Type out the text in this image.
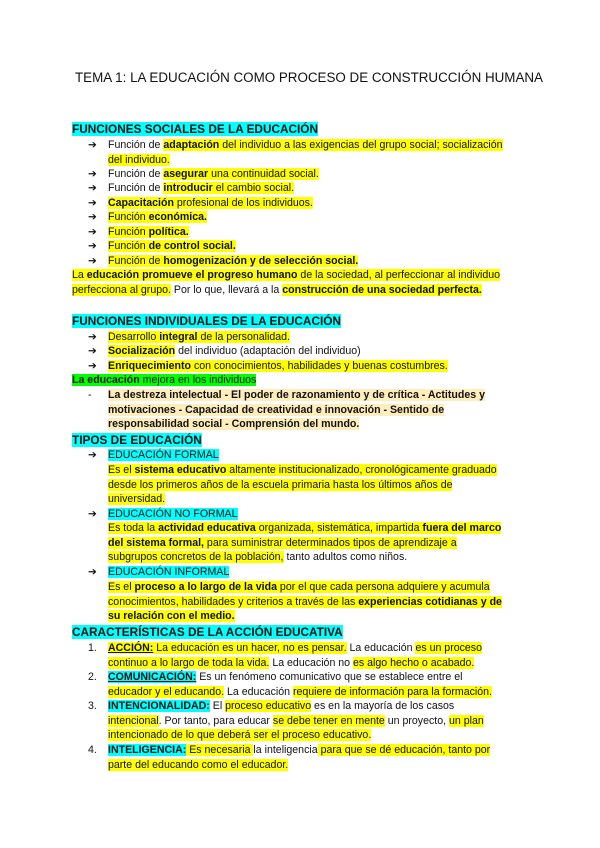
TEMA 1: LA EDUCACIÓN COMO PROCESO DE CONSTRUCCIÓN HUMANA
FUNCIONES SOCIALES DE LA EDUCACIÓN
➔ Función de adaptación del individuo a las exigencias del grupo social; socialización
del individuo.
➔ Función de asegurar una continuidad social.
➔ Función de introducir el cambio social.
➔ Capacitación profesional de los individuos.
➔ Función económica.
➔ Función política.
➔ Función de control social.
➔ Función de homogenización y de selección social.
La educación promueve el progreso humano de la sociedad, al perfeccionar al individuo
perfecciona al grupo. Por lo que, llevará a la construcción de una sociedad perfecta.
FUNCIONES INDIVIDUALES DE LA EDUCACIÓN
➔ Desarrollo integral de la personalidad.
➔ Socialización del individuo (adaptación del individuo)
➔ Enriquecimiento con conocimientos, habilidades y buenas costumbres.
La educación mejora en los individuos
- La destreza intelectual - El poder de razonamiento y de crítica - Actitudes y
motivaciones - Capacidad de creatividad e innovación - Sentido de
responsabilidad social - Comprensión del mundo.
TIPOS DE EDUCACIÓN
➔ EDUCACIÓN FORMAL
Es el sistema educativo altamente institucionalizado, cronológicamente graduado
desde los primeros años de la escuela primaria hasta los últimos años de
universidad.
➔ EDUCACIÓN NO FORMAL
Es toda la actividad educativa organizada, sistemática, impartida fuera del marco
del sistema formal, para suministrar determinados tipos de aprendizaje a
subgrupos concretos de la población, tanto adultos como niños.
➔ EDUCACIÓN INFORMAL
Es el proceso a lo largo de la vida por el que cada persona adquiere y acumula
conocimientos, habilidades y criterios a través de las experiencias cotidianas y de
su relación con el medio.
CARACTERÍSTICAS DE LA ACCIÓN EDUCATIVA
1. ACCIÓN: La educación es un hacer, no es pensar. La educación es un proceso
continuo a lo largo de toda la vida. La educación no es algo hecho o acabado.
2. COMUNICACIÓN: Es un fenómeno comunicativo que se establece entre el
educador y el educando. La educación requiere de información para la formación.
3. INTENCIONALIDAD: El proceso educativo es en la mayoría de los casos
intencional. Por tanto, para educar se debe tener en mente un proyecto, un plan
intencionado de lo que deberá ser el proceso educativo.
4. INTELIGENCIA: Es necesaria la inteligencia para que se dé educación, tanto por
parte del educando como el educador.
